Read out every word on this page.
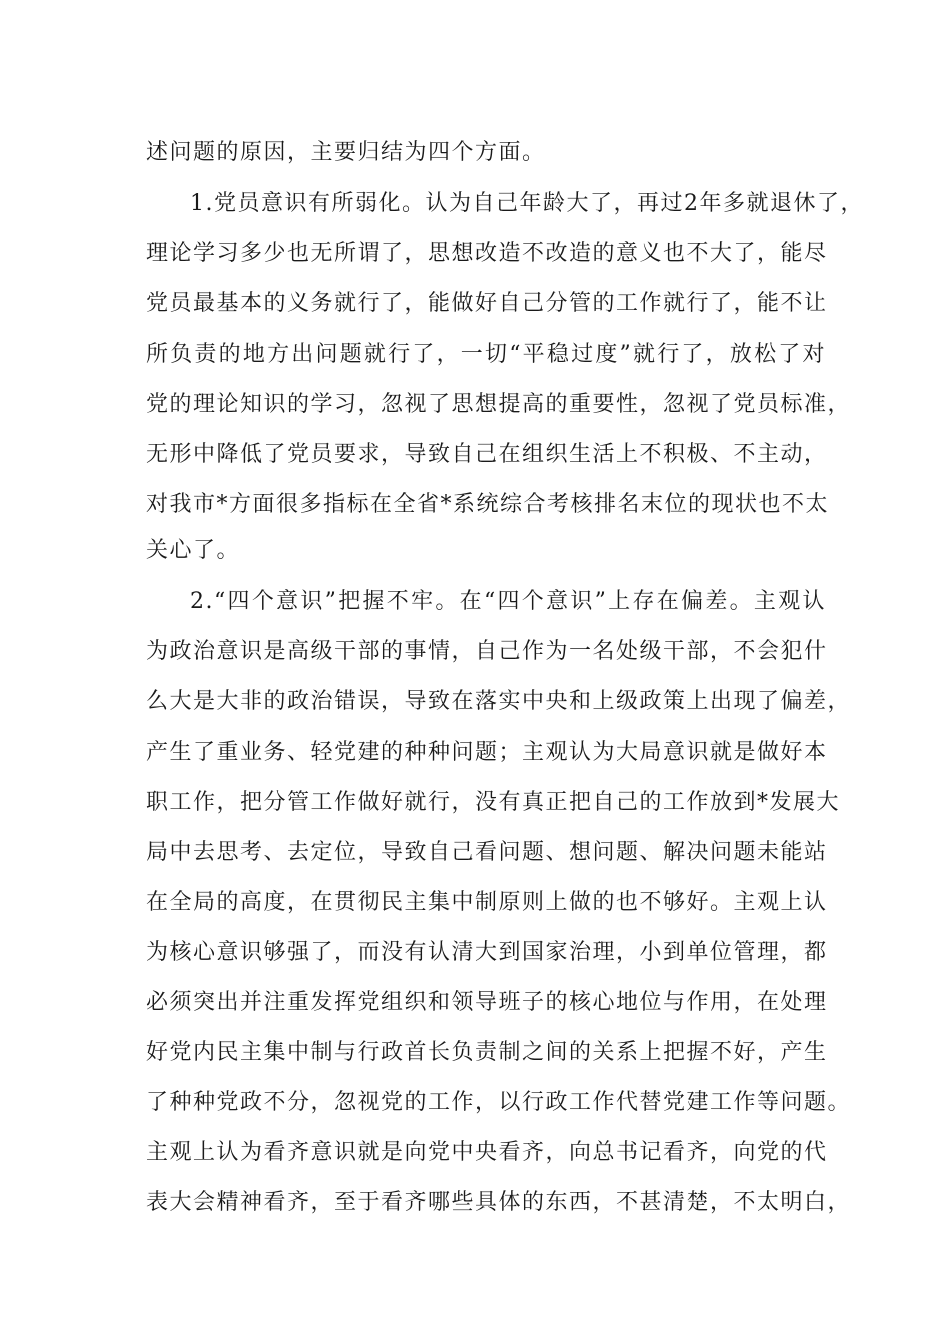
述问题的原因，主要归结为四个方面。
1.党员意识有所弱化。认为自己年龄大了，再过2年多就退休了，
理论学习多少也无所谓了，思想改造不改造的意义也不大了，能尽
党员最基本的义务就行了，能做好自己分管的工作就行了，能不让
所负责的地方出问题就行了，一切“平稳过度”就行了，放松了对
党的理论知识的学习，忽视了思想提高的重要性，忽视了党员标准，
无形中降低了党员要求，导致自己在组织生活上不积极、不主动，
对我市*方面很多指标在全省*系统综合考核排名末位的现状也不太
关心了。
2.“四个意识”把握不牢。在“四个意识”上存在偏差。主观认
为政治意识是高级干部的事情，自己作为一名处级干部，不会犯什
么大是大非的政治错误，导致在落实中央和上级政策上出现了偏差，
产生了重业务、轻党建的种种问题；主观认为大局意识就是做好本
职工作，把分管工作做好就行，没有真正把自己的工作放到*发展大
局中去思考、去定位，导致自己看问题、想问题、解决问题未能站
在全局的高度，在贯彻民主集中制原则上做的也不够好。主观上认
为核心意识够强了，而没有认清大到国家治理，小到单位管理，都
必须突出并注重发挥党组织和领导班子的核心地位与作用，在处理
好党内民主集中制与行政首长负责制之间的关系上把握不好，产生
了种种党政不分，忽视党的工作，以行政工作代替党建工作等问题。
主观上认为看齐意识就是向党中央看齐，向总书记看齐，向党的代
表大会精神看齐，至于看齐哪些具体的东西，不甚清楚，不太明白，
